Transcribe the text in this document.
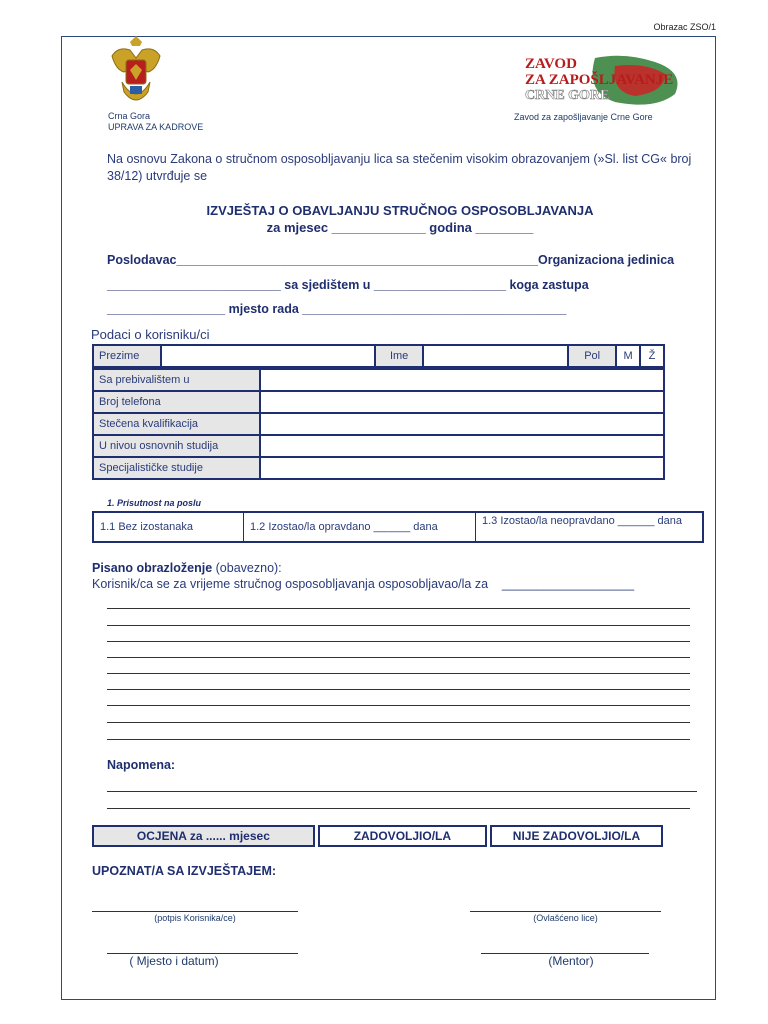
Obrazac ZSO/1
Crna Gora
UPRAVA ZA KADROVE
ZAVOD
ZA ZAPOŠLJAVANJE
CRNE GORE
Zavod za zapošljavanje Crne Gore
Na osnovu Zakona o stručnom osposobljavanju lica sa stečenim visokim obrazovanjem (»Sl. list CG« broj 38/12) utvrđuje se
IZVJEŠTAJ O OBAVLJANJU STRUČNOG OSPOSOBLJAVANJA
za mjesec _____________ godina ________
Poslodavac____________________________________________________Organizaciona jedinica
_________________________ sa sjedištem u ___________________ koga zastupa
_________________ mjesto rada ______________________________________
Podaci o korisniku/ci
Prezime		Ime		Pol	M	Ž
Sa prebivalištem u	
Broj telefona	
Stečena kvalifikacija	
U nivou osnovnih studija	
Specijalističke studije	
1. Prisutnost na poslu
1.1 Bez izostanaka	1.2 Izostao/la opravdano ______ dana	1.3 Izostao/la neopravdano ______ dana
Pisano obrazloženje (obavezno):
Korisnik/ca se za vrijeme stručnog osposobljavanja osposobljavao/la za    ___________________
Napomena:
OCJENA za ...... mjesec	ZADOVOLJIO/LA	NIJE ZADOVOLJIO/LA
UPOZNAT/A SA IZVJEŠTAJEM:
(potpis Korisnika/ce)	(Ovlašćeno lice)
( Mjesto i datum)	(Mentor)
